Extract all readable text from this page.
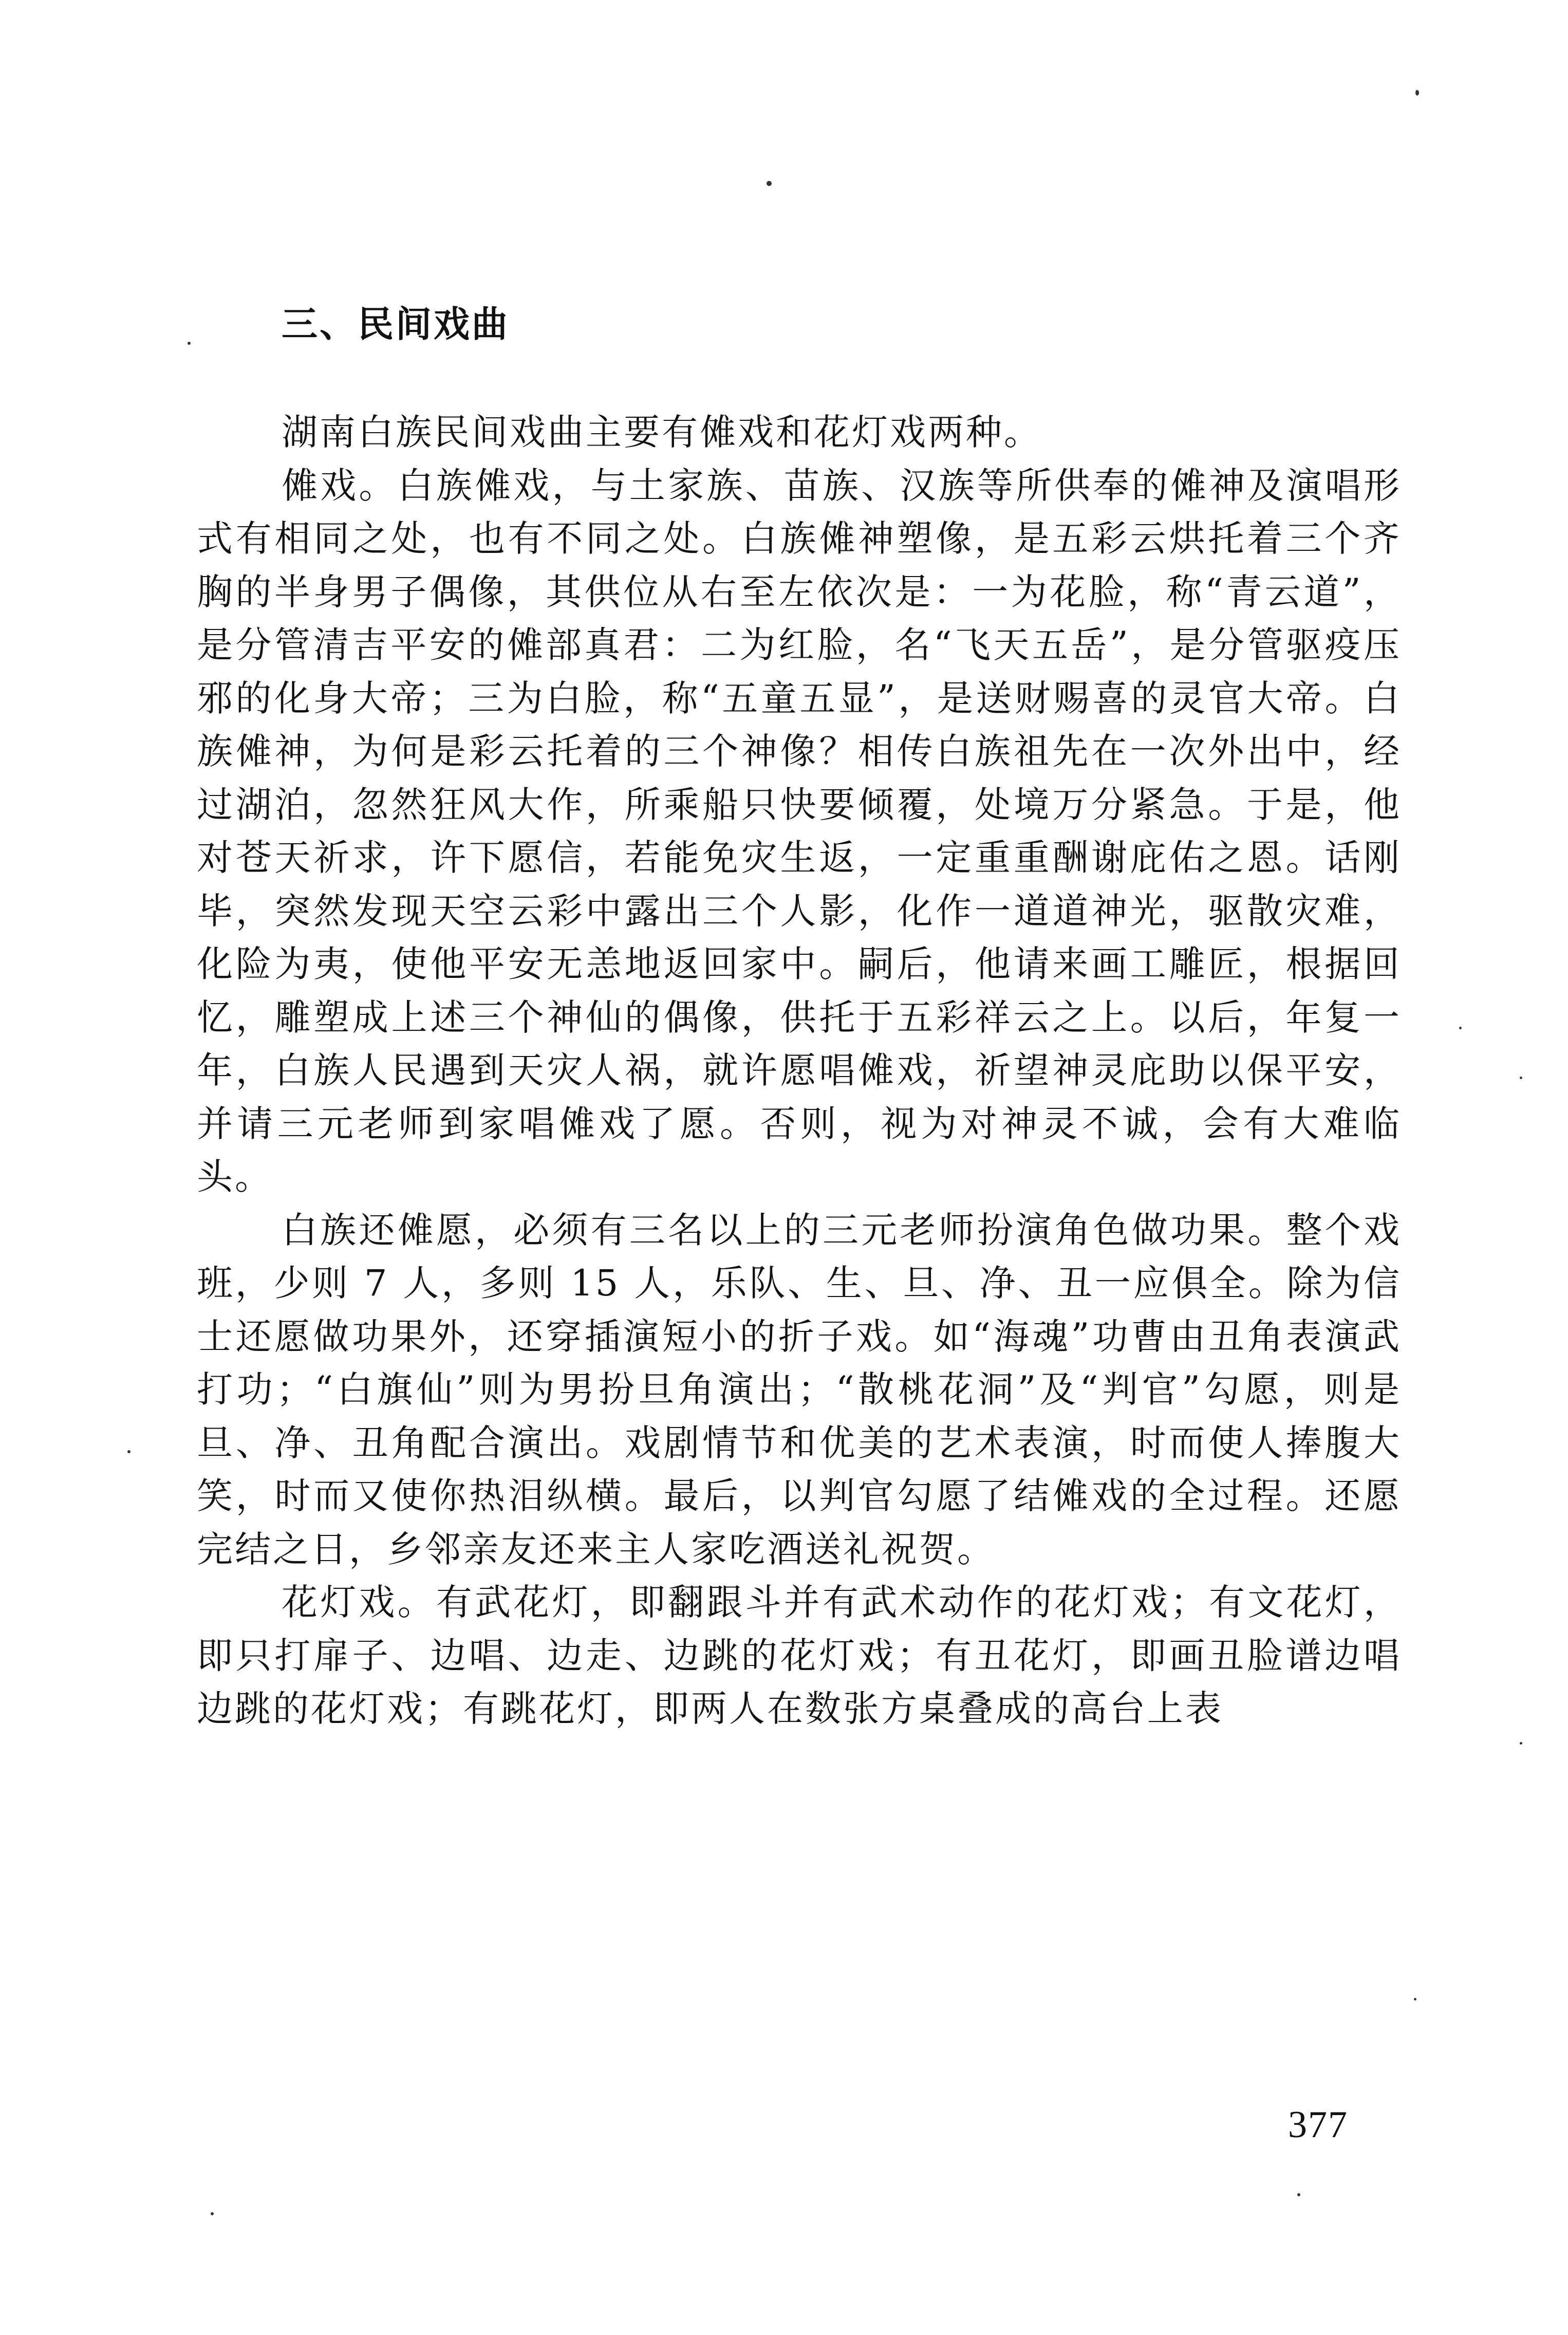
三、民间戏曲

湖南白族民间戏曲主要有傩戏和花灯戏两种。

傩戏。白族傩戏，与土家族、苗族、汉族等所供奉的傩神及演唱形式有相同之处，也有不同之处。白族傩神塑像，是五彩云烘托着三个齐胸的半身男子偶像，其供位从右至左依次是：一为花脸，称“青云道”，是分管清吉平安的傩部真君：二为红脸，名“飞天五岳”，是分管驱疫压邪的化身大帝；三为白脸，称“五童五显”，是送财赐喜的灵官大帝。白族傩神，为何是彩云托着的三个神像？相传白族祖先在一次外出中，经过湖泊，忽然狂风大作，所乘船只快要倾覆，处境万分紧急。于是，他对苍天祈求，许下愿信，若能免灾生返，一定重重酬谢庇佑之恩。话刚毕，突然发现天空云彩中露出三个人影，化作一道道神光，驱散灾难，化险为夷，使他平安无恙地返回家中。嗣后，他请来画工雕匠，根据回忆，雕塑成上述三个神仙的偶像，供托于五彩祥云之上。以后，年复一年，白族人民遇到天灾人祸，就许愿唱傩戏，祈望神灵庇助以保平安，并请三元老师到家唱傩戏了愿。否则，视为对神灵不诚，会有大难临头。

白族还傩愿，必须有三名以上的三元老师扮演角色做功果。整个戏班，少则 7 人，多则 15 人，乐队、生、旦、净、丑一应俱全。除为信士还愿做功果外，还穿插演短小的折子戏。如“海魂”功曹由丑角表演武打功；“白旗仙”则为男扮旦角演出；“散桃花洞”及“判官”勾愿，则是旦、净、丑角配合演出。戏剧情节和优美的艺术表演，时而使人捧腹大笑，时而又使你热泪纵横。最后，以判官勾愿了结傩戏的全过程。还愿完结之日，乡邻亲友还来主人家吃酒送礼祝贺。

花灯戏。有武花灯，即翻跟斗并有武术动作的花灯戏；有文花灯，即只打扉子、边唱、边走、边跳的花灯戏；有丑花灯，即画丑脸谱边唱边跳的花灯戏；有跳花灯，即两人在数张方桌叠成的高台上表

377
